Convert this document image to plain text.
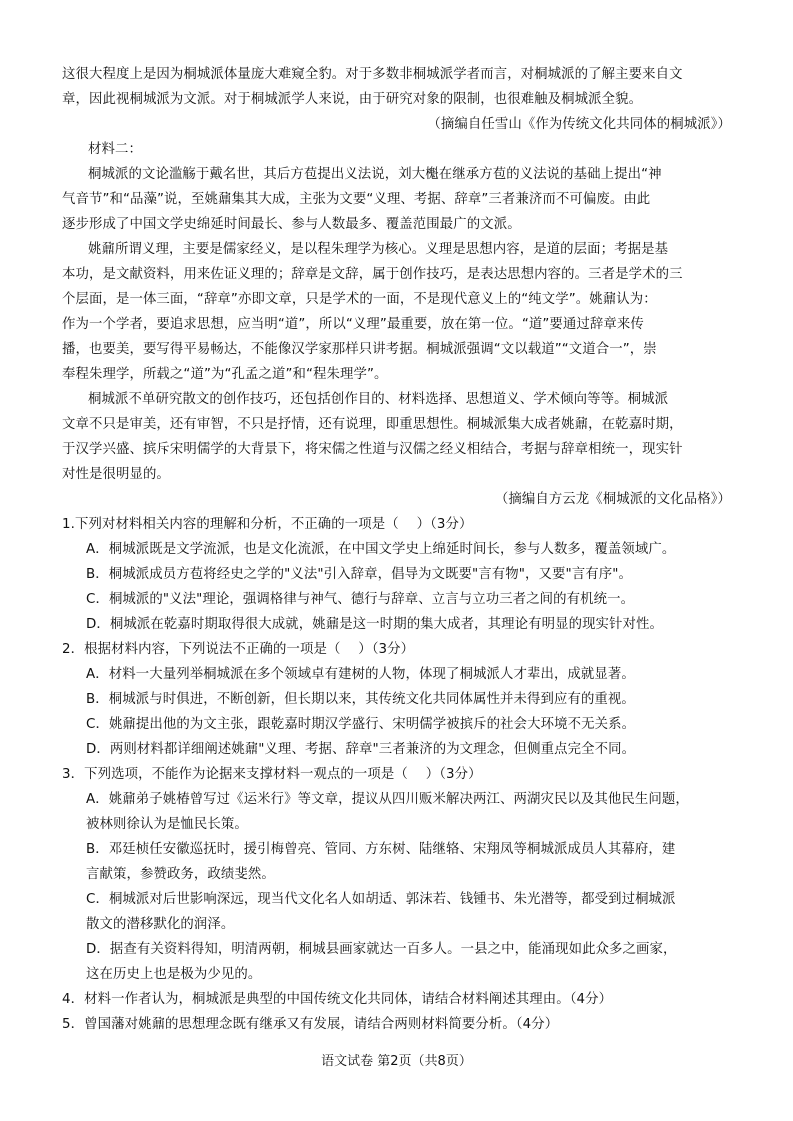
这很大程度上是因为桐城派体量庞大难窥全豹。对于多数非桐城派学者而言，对桐城派的了解主要来自文
章，因此视桐城派为文派。对于桐城派学人来说，由于研究对象的限制，也很难触及桐城派全貌。
（摘编自任雪山《作为传统文化共同体的桐城派》）
材料二：
桐城派的文论滥觞于戴名世，其后方苞提出义法说，刘大櫆在继承方苞的义法说的基础上提出“神
气音节”和“品藻”说，至姚鼐集其大成，主张为文要“义理、考据、辞章”三者兼济而不可偏废。由此
逐步形成了中国文学史绵延时间最长、参与人数最多、覆盖范围最广的文派。
姚鼐所谓义理，主要是儒家经义，是以程朱理学为核心。义理是思想内容，是道的层面；考据是基
本功，是文献资料，用来佐证义理的；辞章是文辞，属于创作技巧，是表达思想内容的。三者是学术的三
个层面，是一体三面，“辞章”亦即文章，只是学术的一面，不是现代意义上的“纯文学”。姚鼐认为：
作为一个学者，要追求思想，应当明“道”，所以“义理”最重要，放在第一位。“道”要通过辞章来传
播，也要美，要写得平易畅达，不能像汉学家那样只讲考据。桐城派强调“文以载道”“文道合一”，崇
奉程朱理学，所载之“道”为“孔孟之道”和“程朱理学”。
桐城派不单研究散文的创作技巧，还包括创作目的、材料选择、思想道义、学术倾向等等。桐城派
文章不只是审美，还有审智，不只是抒情，还有说理，即重思想性。桐城派集大成者姚鼐，在乾嘉时期，
于汉学兴盛、摈斥宋明儒学的大背景下，将宋儒之性道与汉儒之经义相结合，考据与辞章相统一，现实针
对性是很明显的。
（摘编自方云龙《桐城派的文化品格》）
1.下列对材料相关内容的理解和分析，不正确的一项是（　 ）（3分）
A．桐城派既是文学流派，也是文化流派，在中国文学史上绵延时间长，参与人数多，覆盖领域广。
B．桐城派成员方苞将经史之学的"义法"引入辞章，倡导为文既要"言有物"，又要"言有序"。
C．桐城派的"义法"理论，强调格律与神气、德行与辞章、立言与立功三者之间的有机统一。
D．桐城派在乾嘉时期取得很大成就，姚鼐是这一时期的集大成者，其理论有明显的现实针对性。
2．根据材料内容，下列说法不正确的一项是（　 ）（3分）
A．材料一大量列举桐城派在多个领域卓有建树的人物，体现了桐城派人才辈出，成就显著。
B．桐城派与时俱进，不断创新，但长期以来，其传统文化共同体属性并未得到应有的重视。
C．姚鼐提出他的为文主张，跟乾嘉时期汉学盛行、宋明儒学被摈斥的社会大环境不无关系。
D．两则材料都详细阐述姚鼐"义理、考据、辞章"三者兼济的为文理念，但侧重点完全不同。
3．下列选项，不能作为论据来支撑材料一观点的一项是（　 ）（3分）
A．姚鼐弟子姚椿曾写过《运米行》等文章，提议从四川贩米解决两江、两湖灾民以及其他民生问题，
被林则徐认为是恤民长策。
B．邓廷桢任安徽巡抚时，援引梅曾亮、管同、方东树、陆继辂、宋翔凤等桐城派成员人其幕府，建
言献策，参赞政务，政绩斐然。
C．桐城派对后世影响深远，现当代文化名人如胡适、郭沫若、钱锺书、朱光潜等，都受到过桐城派
散文的潜移默化的润泽。
D．据查有关资料得知，明清两朝，桐城县画家就达一百多人。一县之中，能涌现如此众多之画家，
这在历史上也是极为少见的。
4．材料一作者认为，桐城派是典型的中国传统文化共同体，请结合材料阐述其理由。（4分）
5．曾国藩对姚鼐的思想理念既有继承又有发展，请结合两则材料简要分析。（4分）
语文试卷 第2页（共8页）
